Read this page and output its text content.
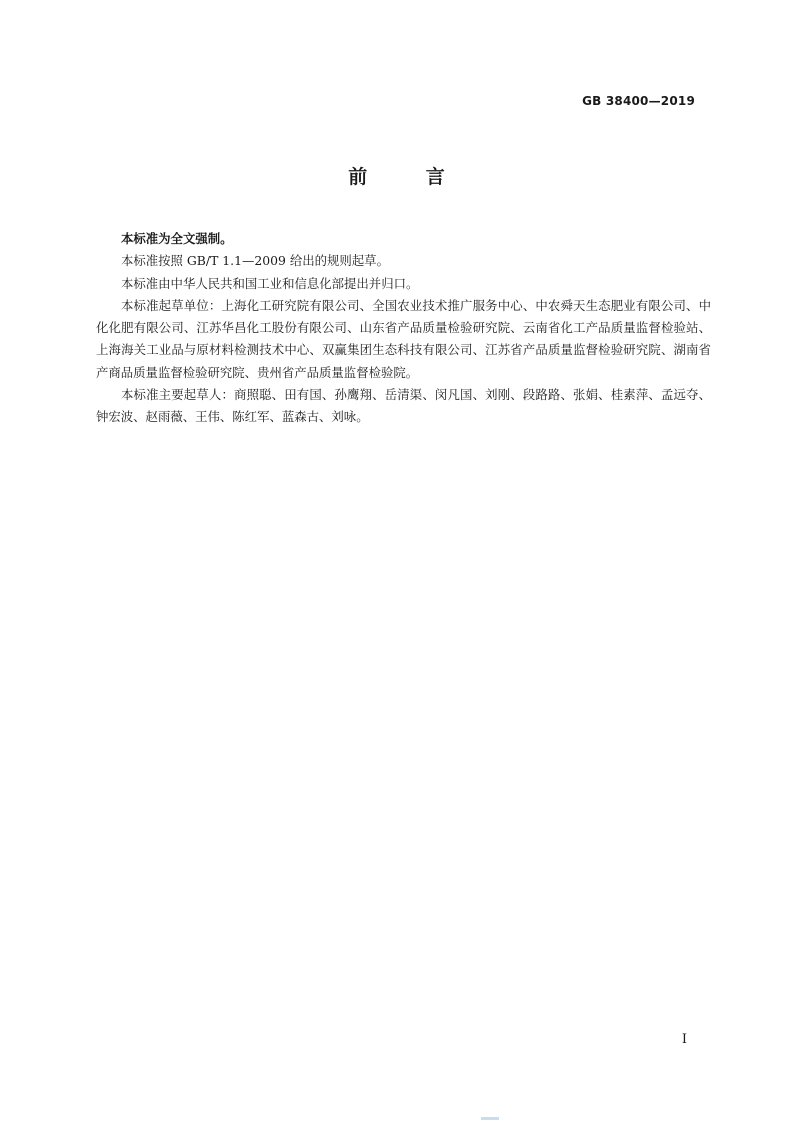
GB 38400—2019
前 言

本标准为全文强制。

本标准按照 GB/T 1.1—2009 给出的规则起草。

本标准由中华人民共和国工业和信息化部提出并归口。

本标准起草单位：上海化工研究院有限公司、全国农业技术推广服务中心、中农舜天生态肥业有限公司、中化化肥有限公司、江苏华昌化工股份有限公司、山东省产品质量检验研究院、云南省化工产品质量监督检验站、上海海关工业品与原材料检测技术中心、双赢集团生态科技有限公司、江苏省产品质量监督检验研究院、湖南省产商品质量监督检验研究院、贵州省产品质量监督检验院。

本标准主要起草人：商照聪、田有国、孙鹰翔、岳清渠、闵凡国、刘刚、段路路、张娟、桂素萍、孟远夺、钟宏波、赵雨薇、王伟、陈红军、蓝森古、刘咏。

I
